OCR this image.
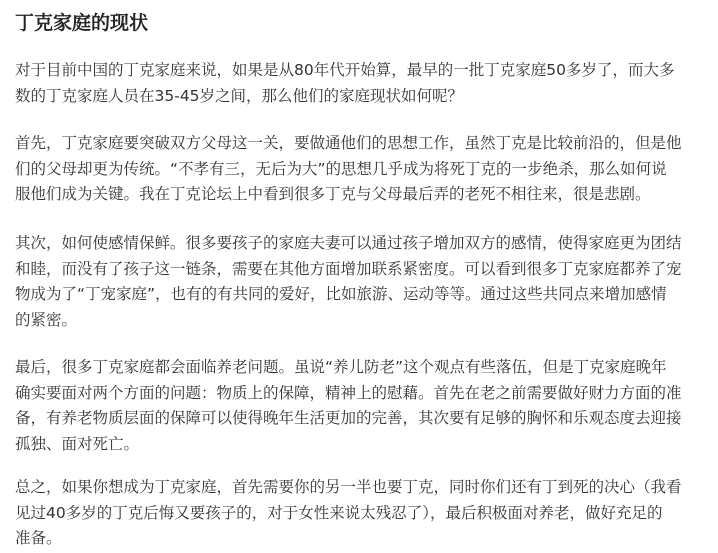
丁克家庭的现状

对于目前中国的丁克家庭来说，如果是从80年代开始算，最早的一批丁克家庭50多岁了，而大多
数的丁克家庭人员在35-45岁之间，那么他们的家庭现状如何呢？

首先，丁克家庭要突破双方父母这一关，要做通他们的思想工作，虽然丁克是比较前沿的，但是他
们的父母却更为传统。“不孝有三，无后为大”的思想几乎成为将死丁克的一步绝杀，那么如何说
服他们成为关键。我在丁克论坛上中看到很多丁克与父母最后弄的老死不相往来，很是悲剧。

其次，如何使感情保鲜。很多要孩子的家庭夫妻可以通过孩子增加双方的感情，使得家庭更为团结
和睦，而没有了孩子这一链条，需要在其他方面增加联系紧密度。可以看到很多丁克家庭都养了宠
物成为了“丁宠家庭”，也有的有共同的爱好，比如旅游、运动等等。通过这些共同点来增加感情
的紧密。

最后，很多丁克家庭都会面临养老问题。虽说“养儿防老”这个观点有些落伍，但是丁克家庭晚年
确实要面对两个方面的问题：物质上的保障，精神上的慰藉。首先在老之前需要做好财力方面的准
备，有养老物质层面的保障可以使得晚年生活更加的完善，其次要有足够的胸怀和乐观态度去迎接
孤独、面对死亡。

总之，如果你想成为丁克家庭，首先需要你的另一半也要丁克，同时你们还有丁到死的决心（我看
见过40多岁的丁克后悔又要孩子的，对于女性来说太残忍了），最后积极面对养老，做好充足的
准备。
